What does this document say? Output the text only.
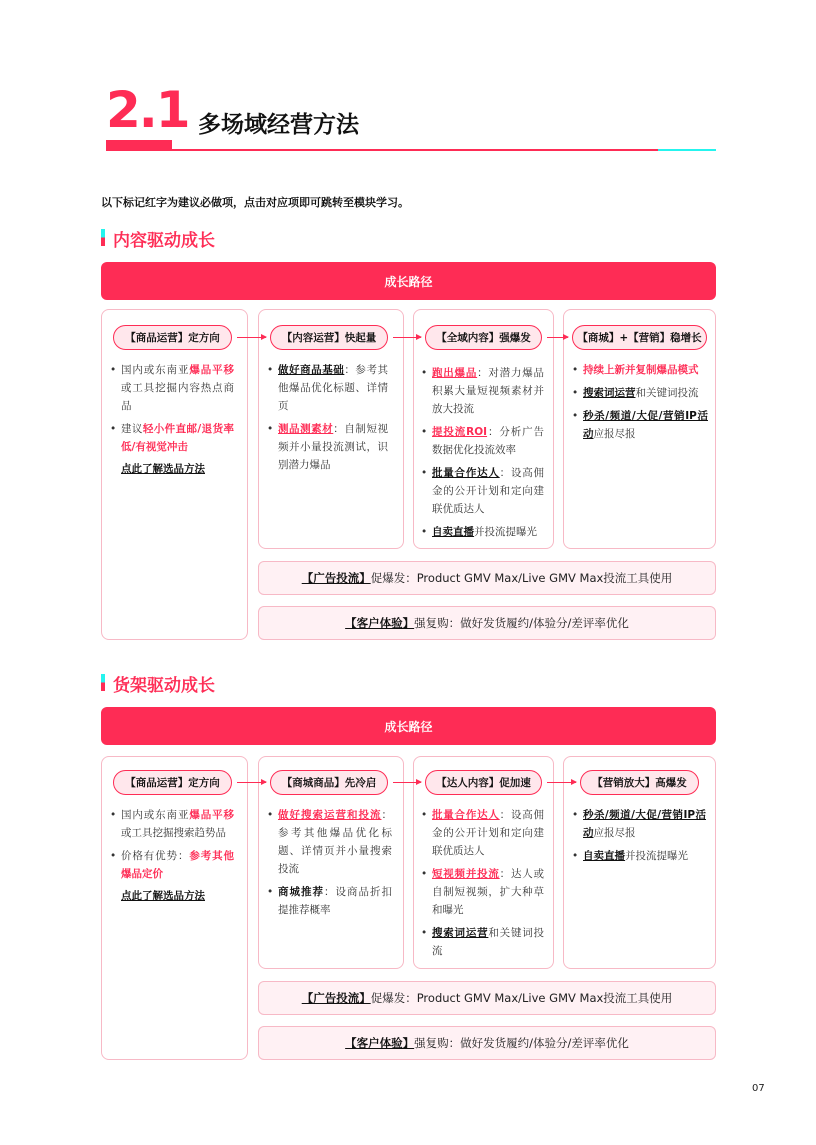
2.1 多场域经营方法
以下标记红字为建议必做项，点击对应项即可跳转至模块学习。
内容驱动成长
成长路径
【商品运营】定方向	【内容运营】快起量	【全域内容】强爆发	【商城】+【营销】稳增长
• 国内或东南亚爆品平移或工具挖掘内容热点商品
• 建议轻小件直邮/退货率低/有视觉冲击
点此了解选品方法
• 做好商品基础：参考其他爆品优化标题、详情页
• 测品测素材：自制短视频并小量投流测试，识别潜力爆品
• 跑出爆品：对潜力爆品积累大量短视频素材并放大投流
• 提投流ROI：分析广告数据优化投流效率
• 批量合作达人：设高佣金的公开计划和定向建联优质达人
• 自卖直播并投流提曝光
• 持续上新并复制爆品模式
• 搜索词运营和关键词投流
• 秒杀/频道/大促/营销IP活动应报尽报
【广告投流】 促爆发：Product GMV Max/Live GMV Max投流工具使用
【客户体验】 强复购：做好发货履约/体验分/差评率优化
货架驱动成长
成长路径
【商品运营】定方向	【商城商品】先冷启	【达人内容】促加速	【营销放大】高爆发
• 国内或东南亚爆品平移或工具挖掘搜索趋势品
• 价格有优势：参考其他爆品定价
点此了解选品方法
• 做好搜索运营和投流：参考其他爆品优化标题、详情页并小量搜索投流
• 商城推荐：设商品折扣提推荐概率
• 批量合作达人：设高佣金的公开计划和定向建联优质达人
• 短视频并投流：达人或自制短视频，扩大种草和曝光
• 搜索词运营和关键词投流
• 秒杀/频道/大促/营销IP活动应报尽报
• 自卖直播并投流提曝光
【广告投流】 促爆发：Product GMV Max/Live GMV Max投流工具使用
【客户体验】 强复购：做好发货履约/体验分/差评率优化
07
